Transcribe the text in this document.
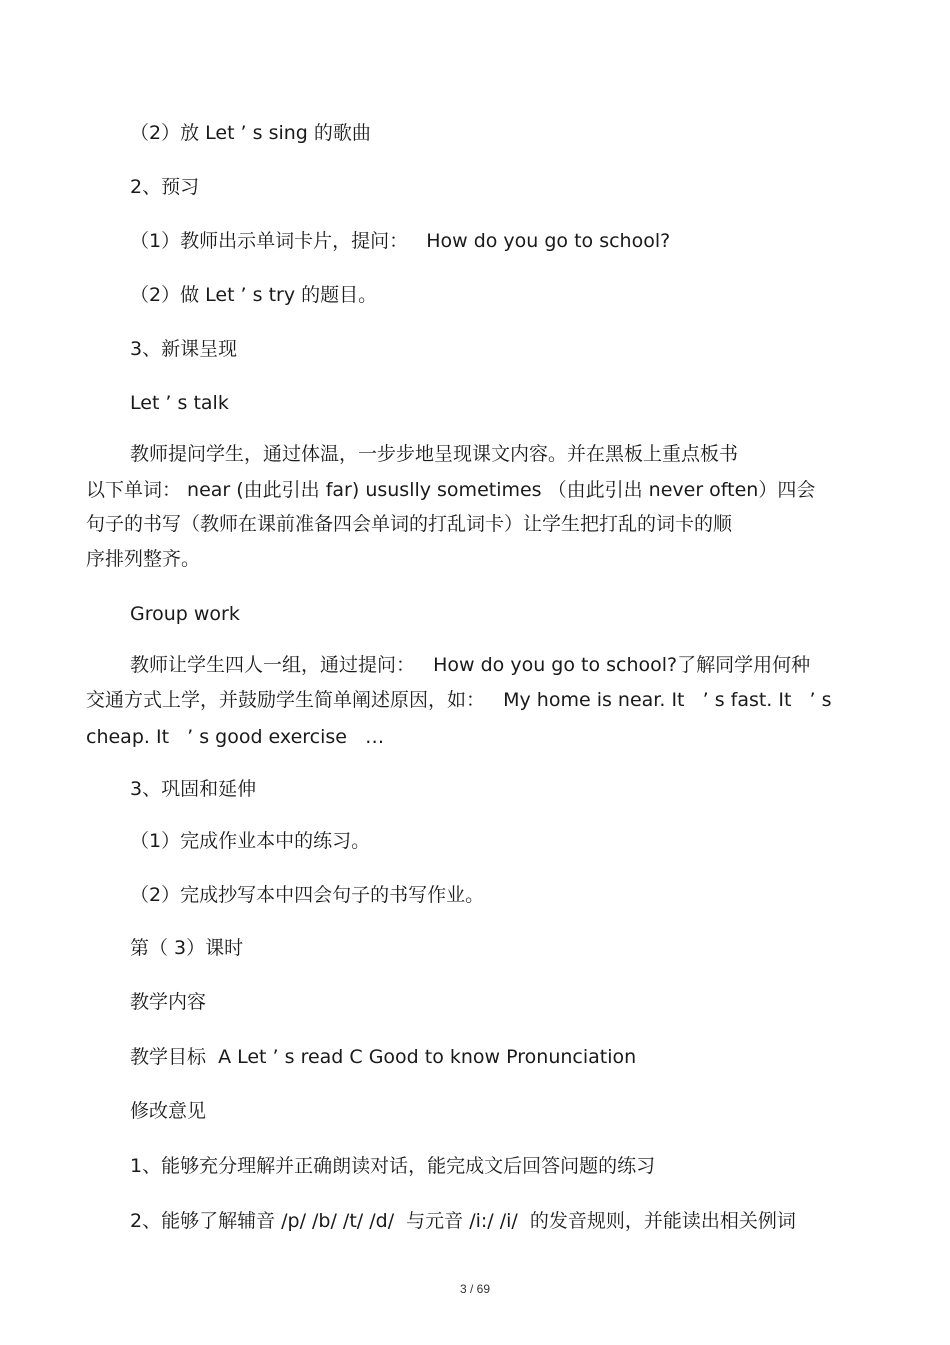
（2）放 Let ’ s sing 的歌曲
2、预习
（1）教师出示单词卡片，提问：   How do you go to school?
（2）做 Let ’ s try 的题目。
3、新课呈现
Let ’ s talk
教师提问学生，通过体温，一步步地呈现课文内容。并在黑板上重点板书
以下单词： near (由此引出 far) ususlly sometimes （由此引出 never often）四会
句子的书写（教师在课前准备四会单词的打乱词卡）让学生把打乱的词卡的顺
序排列整齐。
Group work
教师让学生四人一组，通过提问：   How do you go to school?了解同学用何种
交通方式上学，并鼓励学生简单阐述原因，如：   My home is near. It   ’ s fast. It   ’ s
cheap. It   ’ s good exercise   …
3、巩固和延伸
（1）完成作业本中的练习。
（2）完成抄写本中四会句子的书写作业。
第（ 3）课时
教学内容
教学目标  A Let ’ s read C Good to know Pronunciation
修改意见
1、能够充分理解并正确朗读对话，能完成文后回答问题的练习
2、能够了解辅音 /p/ /b/ /t/ /d/  与元音 /i:/ /i/  的发音规则，并能读出相关例词
3 / 69
